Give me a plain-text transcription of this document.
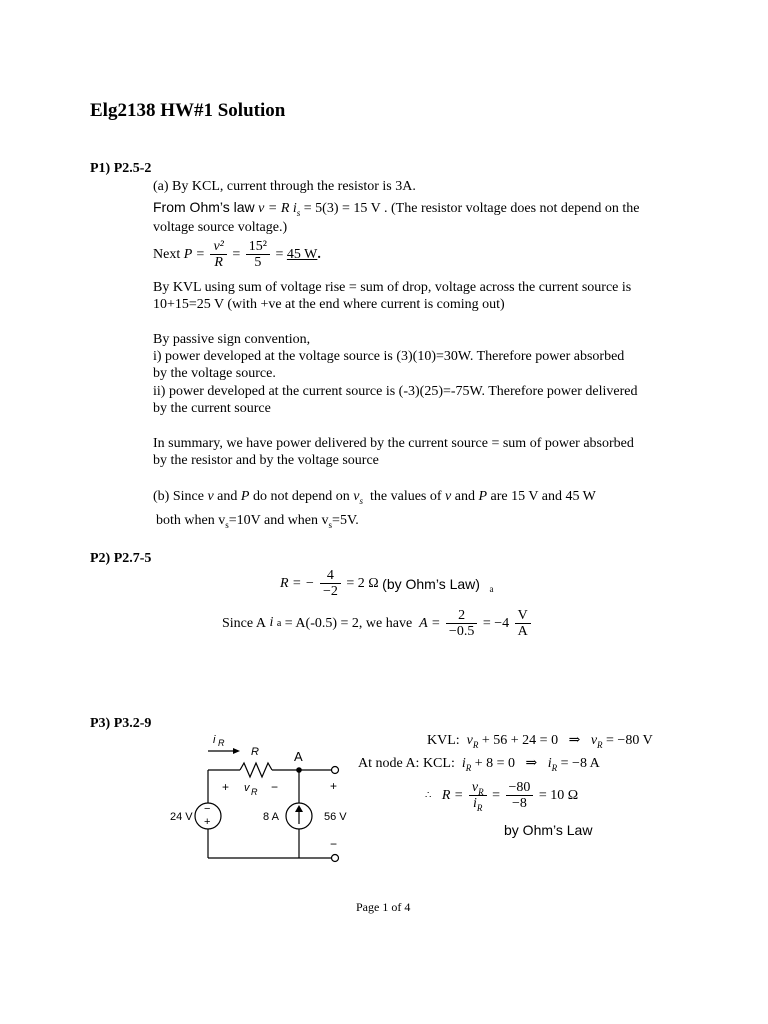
Elg2138 HW#1 Solution
P1) P2.5-2
(a) By KCL, current through the resistor is 3A.
From Ohm’s law v = R $i_s = 5(3) = 15$ V . (The resistor voltage does not depend on the
voltage source voltage.)
Next $P = \frac{\text{v²}}{R} = \frac{\text{15²}}{5} = 45$ W.
By KVL using sum of voltage rise = sum of drop, voltage across the current source is
10+15=25 V (with +ve at the end where current is coming out)
By passive sign convention,
i) power developed at the voltage source is (3)(10)=30W. Therefore power absorbed
by the voltage source.
ii) power developed at the current source is (-3)(25)=-75W. Therefore power delivered
by the current source
In summary, we have power delivered by the current source = sum of power absorbed
by the resistor and by the voltage source
(b) Since v and P do not depend on $v_s$ the values of v and P are 15 V and 45 W
both when $v_s=10V$ and when $v_s=5V$.
P2) P2.7-5
R = − $\frac{4}{-2} = 2$ Ω (by Ohm’s Law) a
Since A i a = A(-0.5) = 2, we have $A = \frac{2}{-0.5} = -4 \frac{V}{A}$
P3) P3.2-9
i R
R	A
+ v R −
−
+
24 V	8 A
+
56 V
−
KVL: $v_R + 56 + 24 = 0$ ⇒ $v_R = -80$ V
At node A: KCL: $i_R + 8 = 0$ ⇒ $i_R = -8$ A
∴ $R = \frac{v_R}{i_R} = \frac{-80}{-8} = 10$ Ω
by Ohm’s Law
Page 1 of 4
